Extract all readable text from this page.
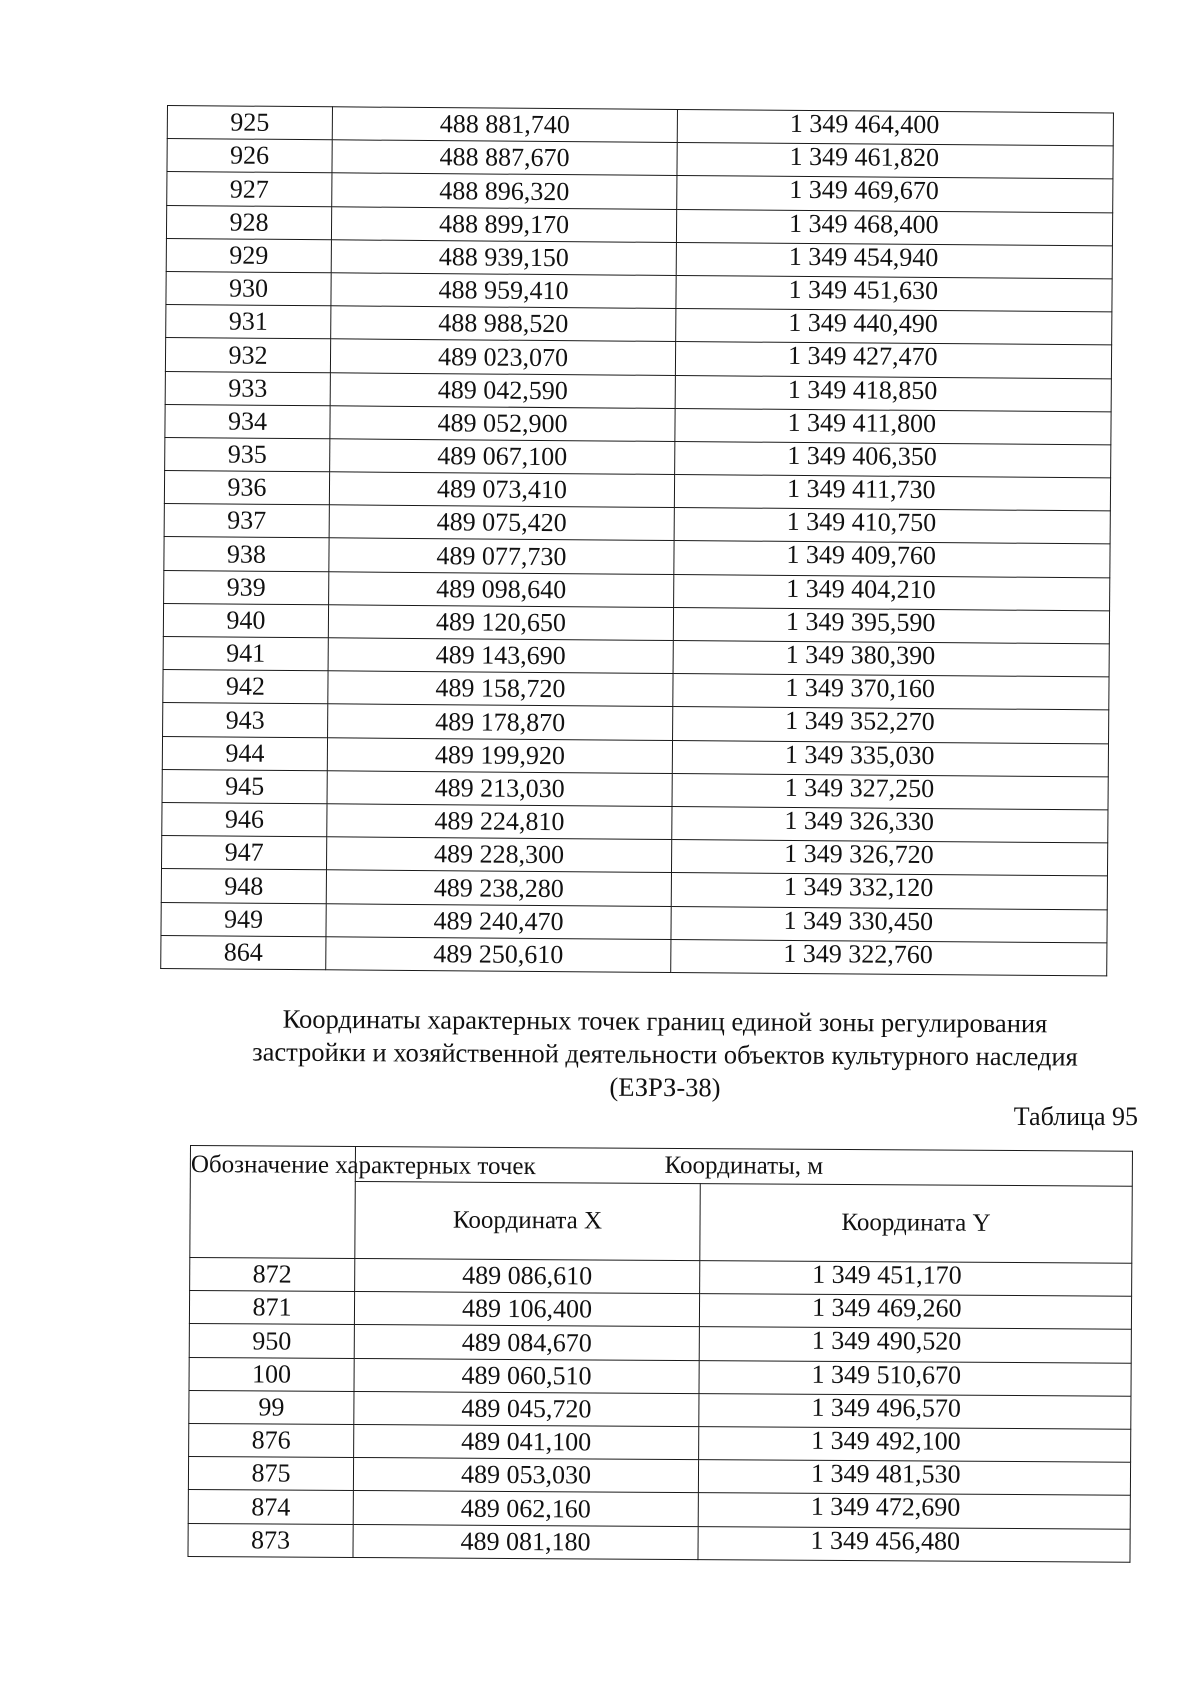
925	488 881,740	1 349 464,400
926	488 887,670	1 349 461,820
927	488 896,320	1 349 469,670
928	488 899,170	1 349 468,400
929	488 939,150	1 349 454,940
930	488 959,410	1 349 451,630
931	488 988,520	1 349 440,490
932	489 023,070	1 349 427,470
933	489 042,590	1 349 418,850
934	489 052,900	1 349 411,800
935	489 067,100	1 349 406,350
936	489 073,410	1 349 411,730
937	489 075,420	1 349 410,750
938	489 077,730	1 349 409,760
939	489 098,640	1 349 404,210
940	489 120,650	1 349 395,590
941	489 143,690	1 349 380,390
942	489 158,720	1 349 370,160
943	489 178,870	1 349 352,270
944	489 199,920	1 349 335,030
945	489 213,030	1 349 327,250
946	489 224,810	1 349 326,330
947	489 228,300	1 349 326,720
948	489 238,280	1 349 332,120
949	489 240,470	1 349 330,450
864	489 250,610	1 349 322,760
Координаты характерных точек границ единой зоны регулирования
застройки и хозяйственной деятельности объектов культурного наследия
(ЕЗРЗ-38)
Таблица 95
Обозначение характерных точек	Координаты, м	
	Координата X	Координата Y
872	489 086,610	1 349 451,170
871	489 106,400	1 349 469,260
950	489 084,670	1 349 490,520
100	489 060,510	1 349 510,670
99	489 045,720	1 349 496,570
876	489 041,100	1 349 492,100
875	489 053,030	1 349 481,530
874	489 062,160	1 349 472,690
873	489 081,180	1 349 456,480
